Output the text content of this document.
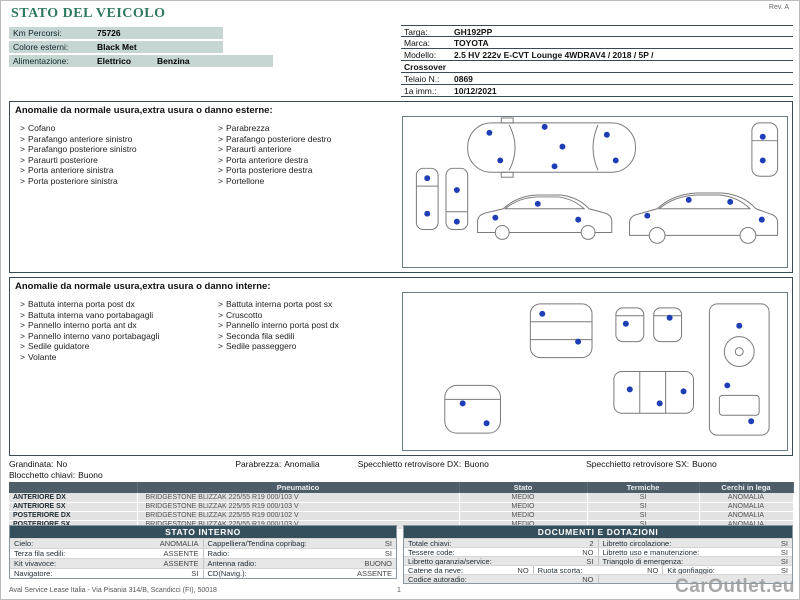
STATO DEL VEICOLO	Rev. A
Km Percorsi:	75726
Colore esterni:	Black Met
Alimentazione:	Elettrico	Benzina
Targa:	GH192PP
Marca:	TOYOTA
Modello: 2.5 HV 222v E-CVT Lounge 4WDRAV4 / 2018 / 5P /
Crossover
Telaio N.: 0869
1a imm.: 10/12/2021
Anomalie da normale usura,extra usura o danno esterne:
> Cofano
> Parafango anteriore sinistro
> Parafango posteriore sinistro
> Paraurti posteriore
> Porta anteriore sinistra
> Porta posteriore sinistra
> Parabrezza
> Parafango posteriore destro
> Paraurti anteriore
> Porta anteriore destra
> Porta posteriore destra
> Portellone
Anomalie da normale usura,extra usura o danno interne:
> Battuta interna porta post dx
> Battuta interna vano portabagagli
> Pannello interno porta ant dx
> Pannello interno vano portabagagli
> Sedile guidatore
> Volante
> Battuta interna porta post sx
> Cruscotto
> Pannello interno porta post dx
> Seconda fila sedili
> Sedile passeggero
Grandinata: No	Parabrezza: Anomalia	Specchietto retrovisore DX: Buono	Specchietto retrovisore SX: Buono
Blocchetto chiavi: Buono
	Pneumatico	Stato	Termiche	Cerchi in lega
ANTERIORE DX	BRIDGESTONE BLIZZAK 225/55 R19 000/103 V	MEDIO	SI	ANOMALIA
ANTERIORE SX	BRIDGESTONE BLIZZAK 225/55 R19 000/103 V	MEDIO	SI	ANOMALIA
POSTERIORE DX	BRIDGESTONE BLIZZAK 225/55 R19 000/102 V	MEDIO	SI	ANOMALIA

STATO INTERNO
Cielo:	ANOMALIA Cappelliera/Tendina copribag:	SI
Terza fila sedili:	ASSENTE Radio:	SI
Kit vivavoce:	ASSENTE Antenna radio:	BUONO
Navigatore:	SI CD(Navig.):	ASSENTE
DOCUMENTI E DOTAZIONI
Totale chiavi:	2 Libretto circolazione:	SI
Tessere code:	NO Libretto uso e manutenzione:	SI
Libretto garanzia/service:	SI Triangolo di emergenza:	SI
Catene da neve:	NO Ruota scorta:	NO Kit gonfiaggio:	SI
Codice autoradio:	NO
Aval Service Lease Italia - Via Pisania 314/B, Scandicci (FI), 50018	1	CarOutlet.eu
